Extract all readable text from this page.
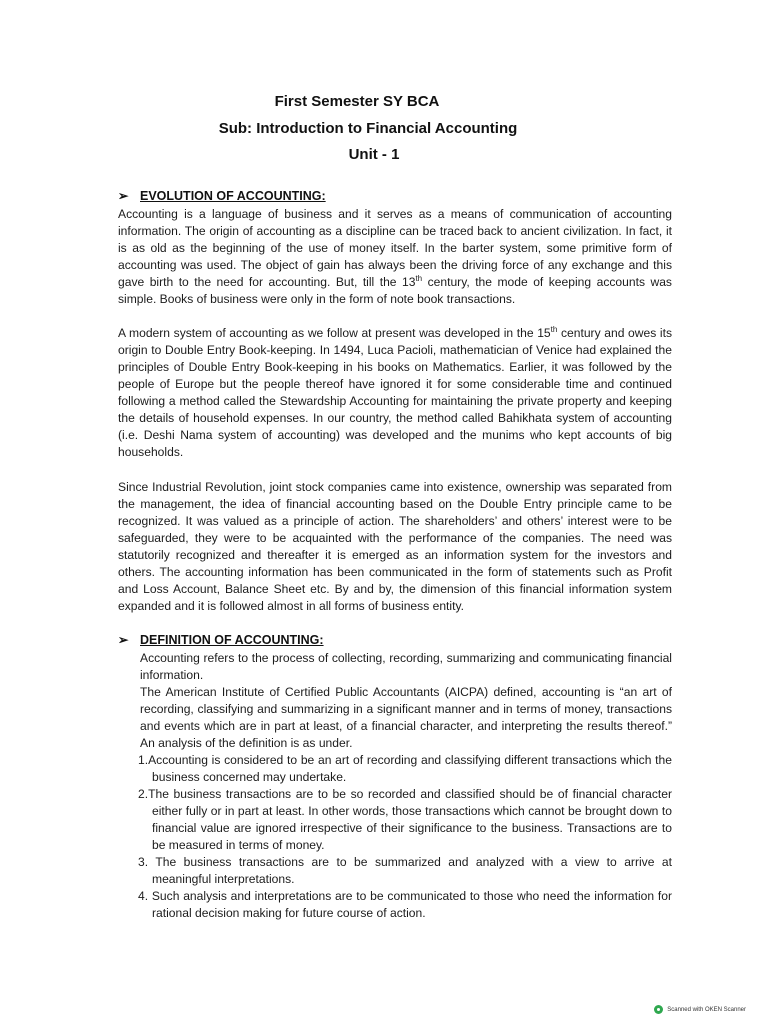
First Semester SY BCA
Sub: Introduction to Financial Accounting
Unit - 1
➢ EVOLUTION OF ACCOUNTING:
Accounting is a language of business and it serves as a means of communication of accounting information. The origin of accounting as a discipline can be traced back to ancient civilization. In fact, it is as old as the beginning of the use of money itself. In the barter system, some primitive form of accounting was used. The object of gain has always been the driving force of any exchange and this gave birth to the need for accounting. But, till the 13th century, the mode of keeping accounts was simple. Books of business were only in the form of note book transactions.
A modern system of accounting as we follow at present was developed in the 15th century and owes its origin to Double Entry Book-keeping. In 1494, Luca Pacioli, mathematician of Venice had explained the principles of Double Entry Book-keeping in his books on Mathematics. Earlier, it was followed by the people of Europe but the people thereof have ignored it for some considerable time and continued following a method called the Stewardship Accounting for maintaining the private property and keeping the details of household expenses. In our country, the method called Bahikhata system of accounting (i.e. Deshi Nama system of accounting) was developed and the munims who kept accounts of big households.
Since Industrial Revolution, joint stock companies came into existence, ownership was separated from the management, the idea of financial accounting based on the Double Entry principle came to be recognized. It was valued as a principle of action. The shareholders’ and others’ interest were to be safeguarded, they were to be acquainted with the performance of the companies. The need was statutorily recognized and thereafter it is emerged as an information system for the investors and others. The accounting information has been communicated in the form of statements such as Profit and Loss Account, Balance Sheet etc. By and by, the dimension of this financial information system expanded and it is followed almost in all forms of business entity.
➢ DEFINITION OF ACCOUNTING:
Accounting refers to the process of collecting, recording, summarizing and communicating financial information.
The American Institute of Certified Public Accountants (AICPA) defined, accounting is “an art of recording, classifying and summarizing in a significant manner and in terms of money, transactions and events which are in part at least, of a financial character, and interpreting the results thereof.” An analysis of the definition is as under.
1.Accounting is considered to be an art of recording and classifying different transactions which the business concerned may undertake.
2.The business transactions are to be so recorded and classified should be of financial character either fully or in part at least. In other words, those transactions which cannot be brought down to financial value are ignored irrespective of their significance to the business. Transactions are to be measured in terms of money.
3. The business transactions are to be summarized and analyzed with a view to arrive at meaningful interpretations.
4. Such analysis and interpretations are to be communicated to those who need the information for rational decision making for future course of action.
Scanned with OKEN Scanner
